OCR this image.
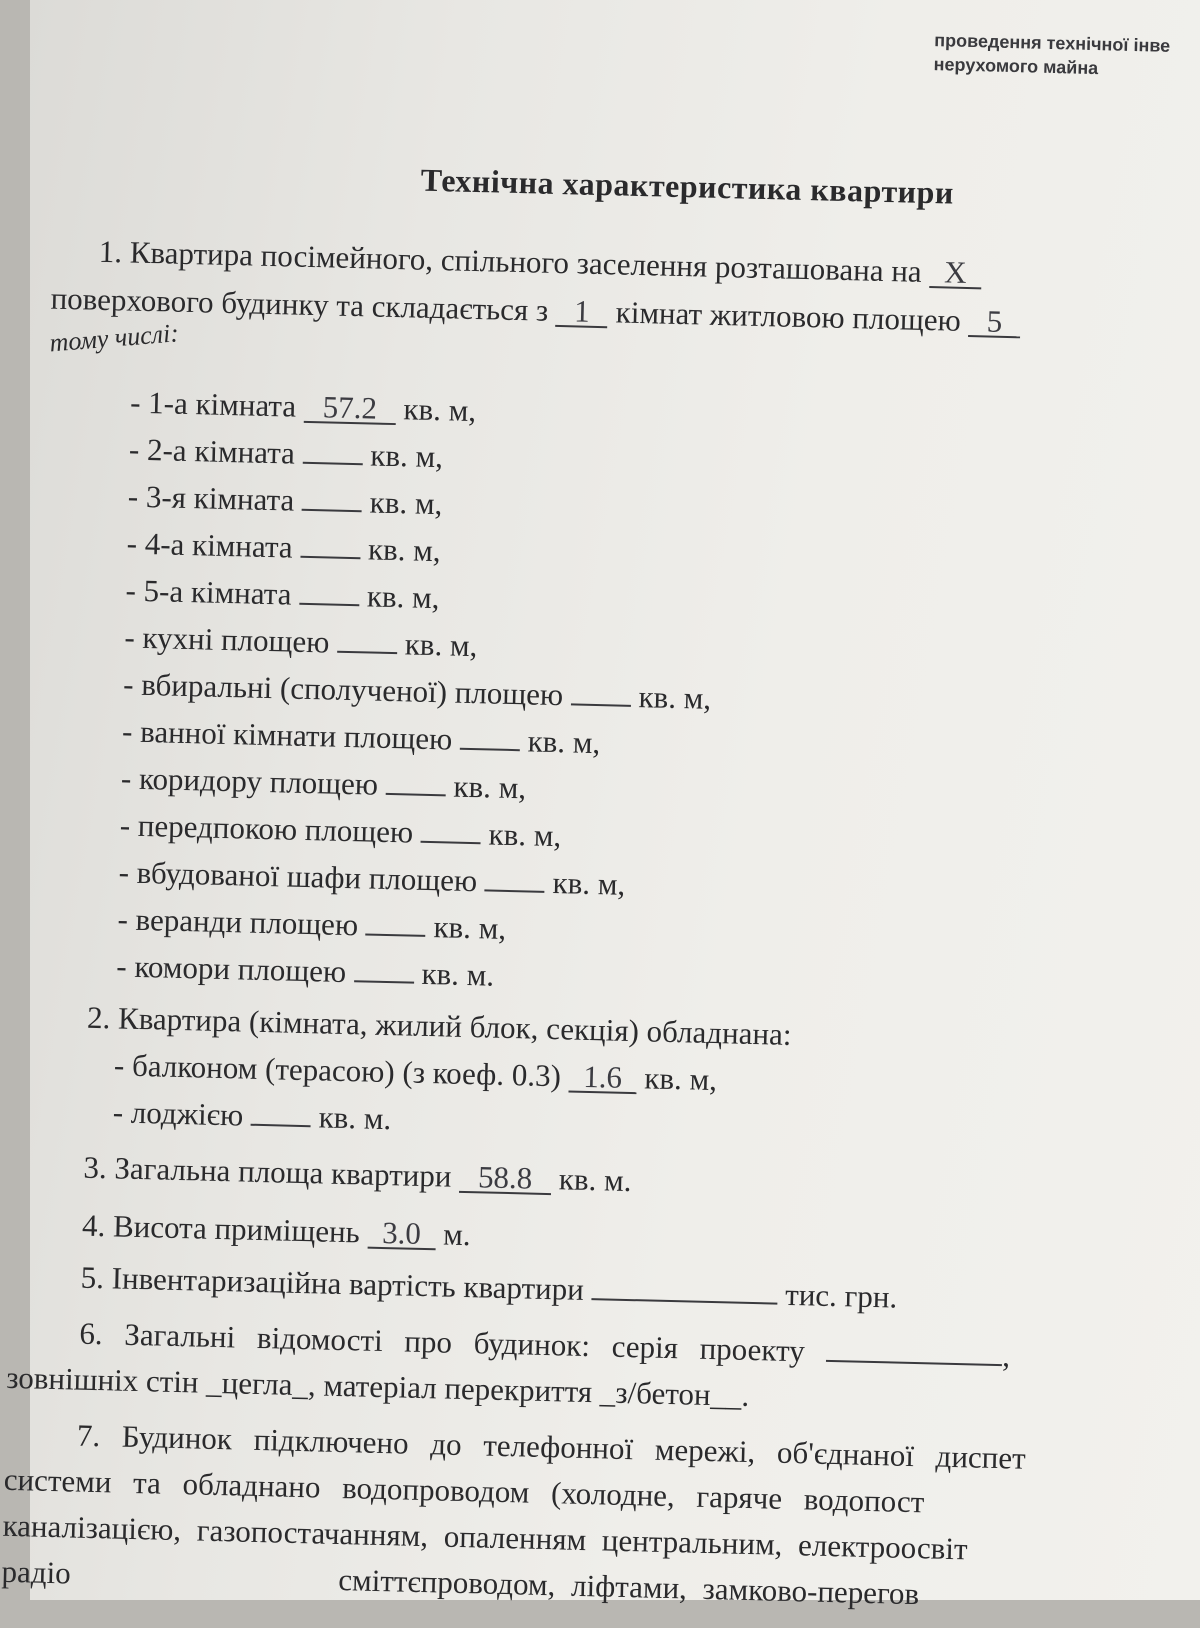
проведення технічної інве
нерухомого майна
Технічна характеристика квартири
1. Квартира посімейного, спільного заселення розташована на Х
поверхового будинку та складається з 1 кімнат житловою площею 5
тому числі:
- 1-а кімната 57.2 кв. м,
- 2-а кімната кв. м,
- 3-я кімната кв. м,
- 4-а кімната кв. м,
- 5-а кімната кв. м,
- кухні площею кв. м,
- вбиральні (сполученої) площею кв. м,
- ванної кімнати площею кв. м,
- коридору площею кв. м,
- передпокою площею кв. м,
- вбудованої шафи площею кв. м,
- веранди площею кв. м,
- комори площею кв. м.
2. Квартира (кімната, жилий блок, секція) обладнана:
- балконом (терасою) (з коеф. 0.3) 1.6 кв. м,
- лоджією кв. м.
3. Загальна площа квартири 58.8 кв. м.
4. Висота приміщень 3.0 м.
5. Інвентаризаційна вартість квартири	тис. грн.
6. Загальні відомості про будинок: серія проекту	,
зовнішніх стін _цегла_, матеріал перекриття _з/бетон__.
7. Будинок підключено до телефонної мережі, об'єднаної диспет
системи та обладнано водопроводом (холодне, гаряче водопост
каналізацією, газопостачанням, опаленням центральним, електроосвіт
радіо                 сміттєпроводом, ліфтами, замково-перегов
